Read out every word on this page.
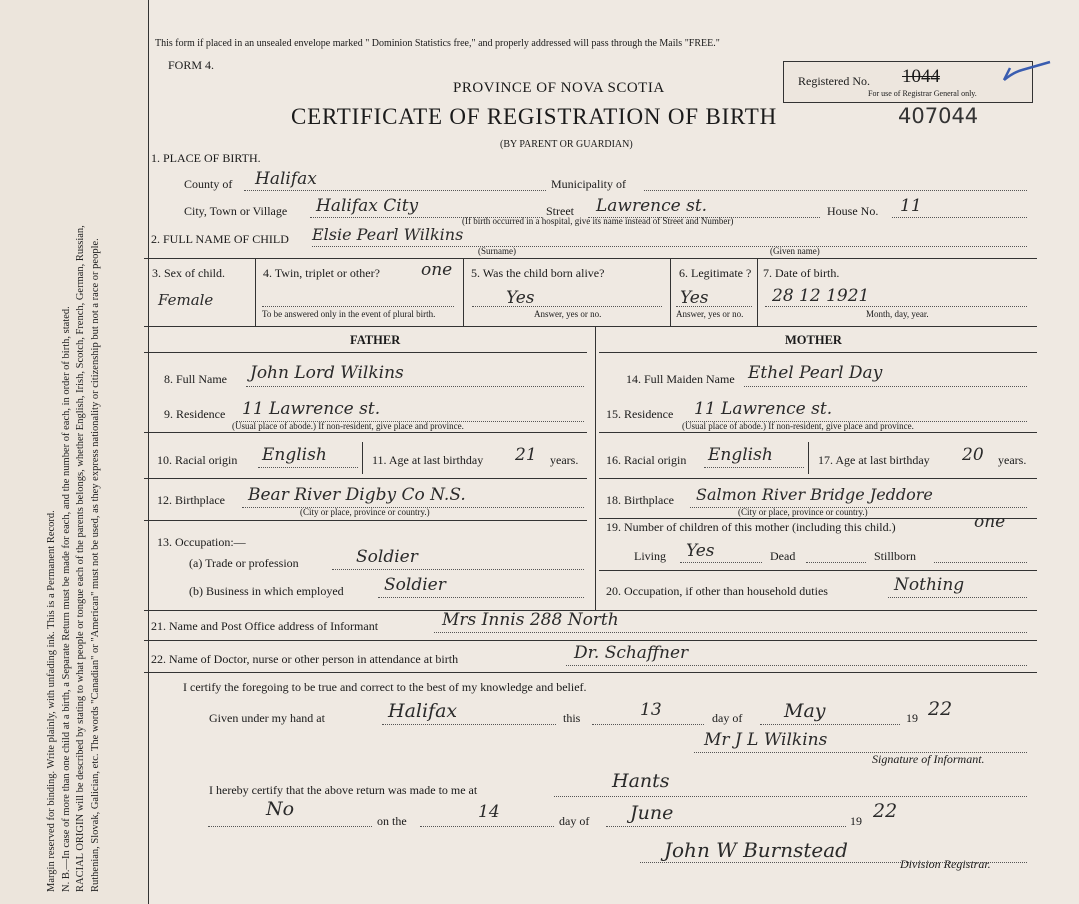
Margin reserved for binding. Write plainly, with unfading ink. This is a Permanent Record. N. B.—In case of more than one child at a birth, a Separate Return must be made for each, and the number of each, in order of birth, stated. RACIAL ORIGIN will be described by stating to what people or tongue each of the parents belongs, whether English, Irish, Scotch, French, German, Russian, Ruthenian, Slovak, Galician, etc. The words "Canadian" or "American" must not be used, as they express nationality or citizenship but not a race or people.
This form if placed in an unsealed envelope marked " Dominion Statistics free," and properly addressed will pass through the Mails "FREE."
FORM 4.
PROVINCE OF NOVA SCOTIA
CERTIFICATE OF REGISTRATION OF BIRTH	407044
(BY PARENT OR GUARDIAN)
Registered No. 1044
For use of Registrar General only.
1. PLACE OF BIRTH.
County of Halifax	Municipality of
City, Town or Village Halifax City	Street Lawrence st.	House No. 11
(If birth occurred in a hospital, give its name instead of Street and Number)
2. FULL NAME OF CHILD Elsie Pearl Wilkins
(Surname)	(Given name)
3. Sex of child.
Female
4. Twin, triplet or other? one
To be answered only in the event of plural birth.
5. Was the child born alive?
Yes
Answer, yes or no.
6. Legitimate ?
Yes
Answer, yes or no.
7. Date of birth.
28 12 1921
Month, day, year.
FATHER	MOTHER
8. Full Name John Lord Wilkins
9. Residence 11 Lawrence st.
(Usual place of abode.) If non-resident, give place and province.
10. Racial origin English	11. Age at last birthday 21 years.
12. Birthplace Bear River Digby Co N.S.
(City or place, province or country.)
13. Occupation:—
(a) Trade or profession	Soldier
(b) Business in which employed Soldier
14. Full Maiden Name Ethel Pearl Day
15. Residence 11 Lawrence st.
(Usual place of abode.) If non-resident, give place and province.
16. Racial origin English	17. Age at last birthday 20 years.
18. Birthplace Salmon River Bridge Jeddore
(City or place, province or country.)
19. Number of children of this mother (including this child.)	one
Living Yes	Dead	Stillborn
20. Occupation, if other than household duties	Nothing
21. Name and Post Office address of Informant	Mrs Innis 288 North
22. Name of Doctor, nurse or other person in attendance at birth	Dr. Schaffner
I certify the foregoing to be true and correct to the best of my knowledge and belief.
Given under my hand at	Halifax	this	13	day of May	19 22
Mr J L Wilkins
Signature of Informant.
I hereby certify that the above return was made to me at	Hants
No
on the	14	day of June	19 22
John W Burnstead
Division Registrar.
